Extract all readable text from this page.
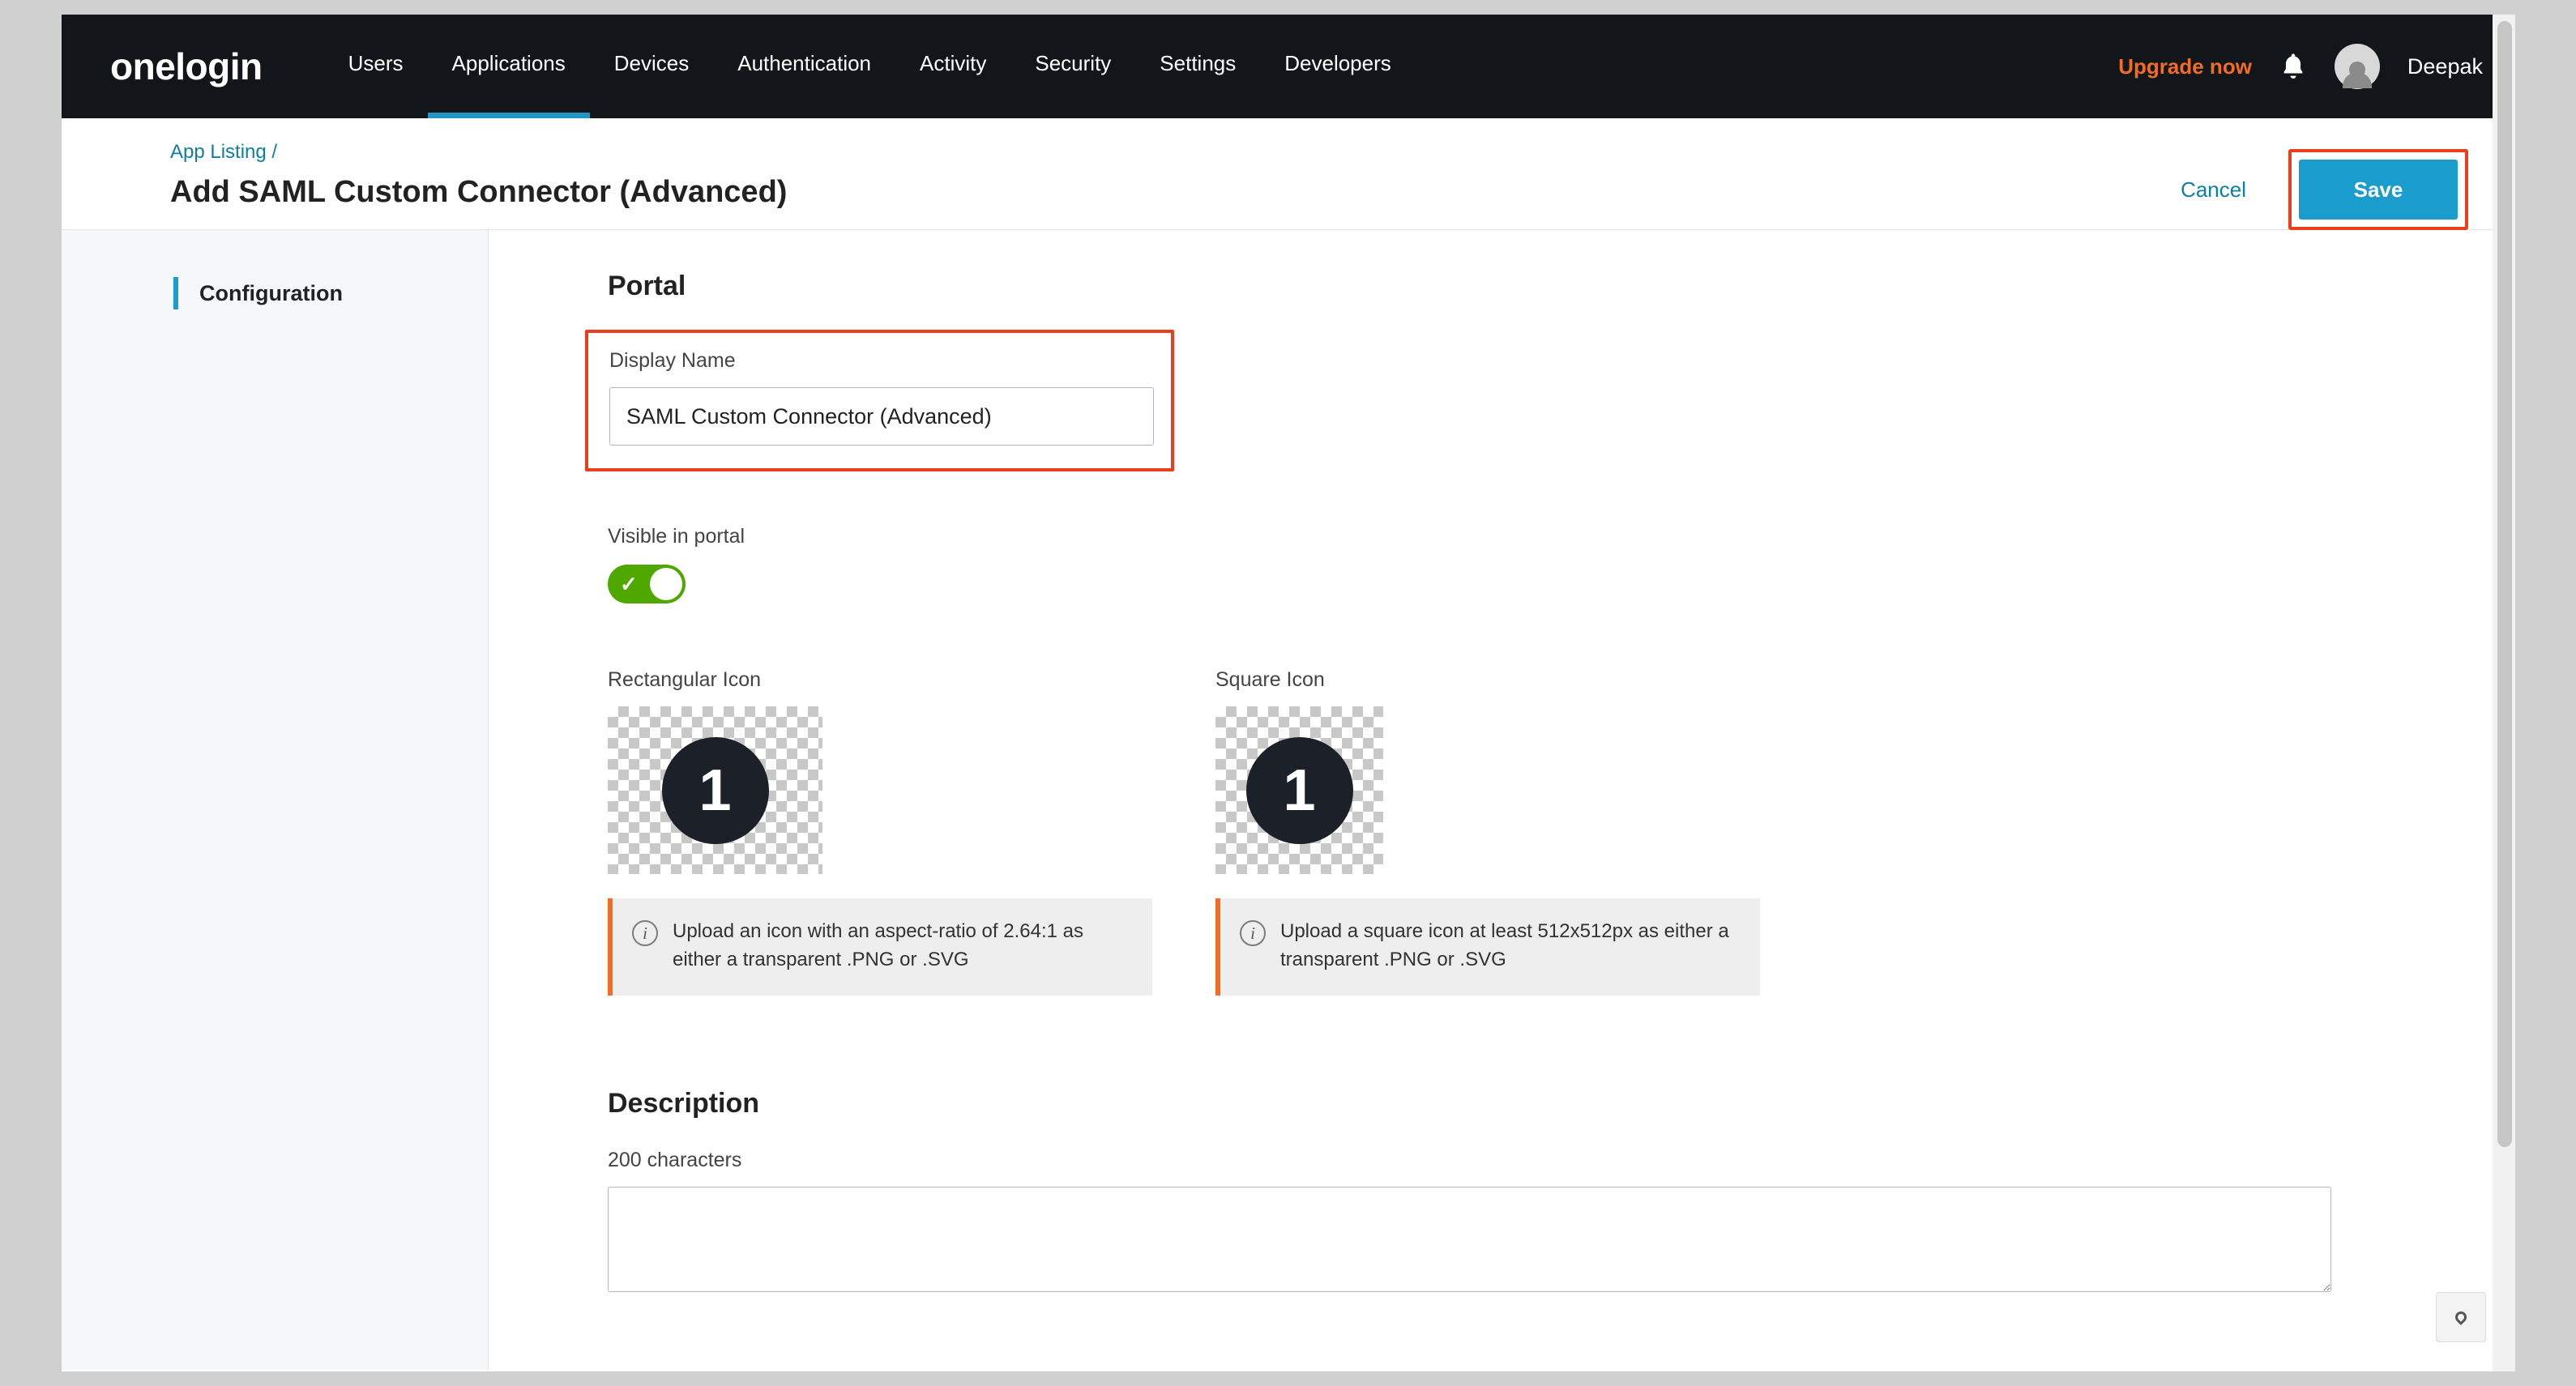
onelogin	Users	Applications	Devices	Authentication	Activity	Security	Settings	Developers	Upgrade now	Deepak
App Listing /
Add SAML Custom Connector (Advanced)	Cancel	Save
Configuration	Portal
Display Name
SAML Custom Connector (Advanced)
Visible in portal
✓
Rectangular Icon
1
i	Upload an icon with an aspect-ratio of 2.64:1 as either a transparent .PNG or .SVG
Square Icon
1
i	Upload a square icon at least 512x512px as either a transparent .PNG or .SVG
Description
200 characters
